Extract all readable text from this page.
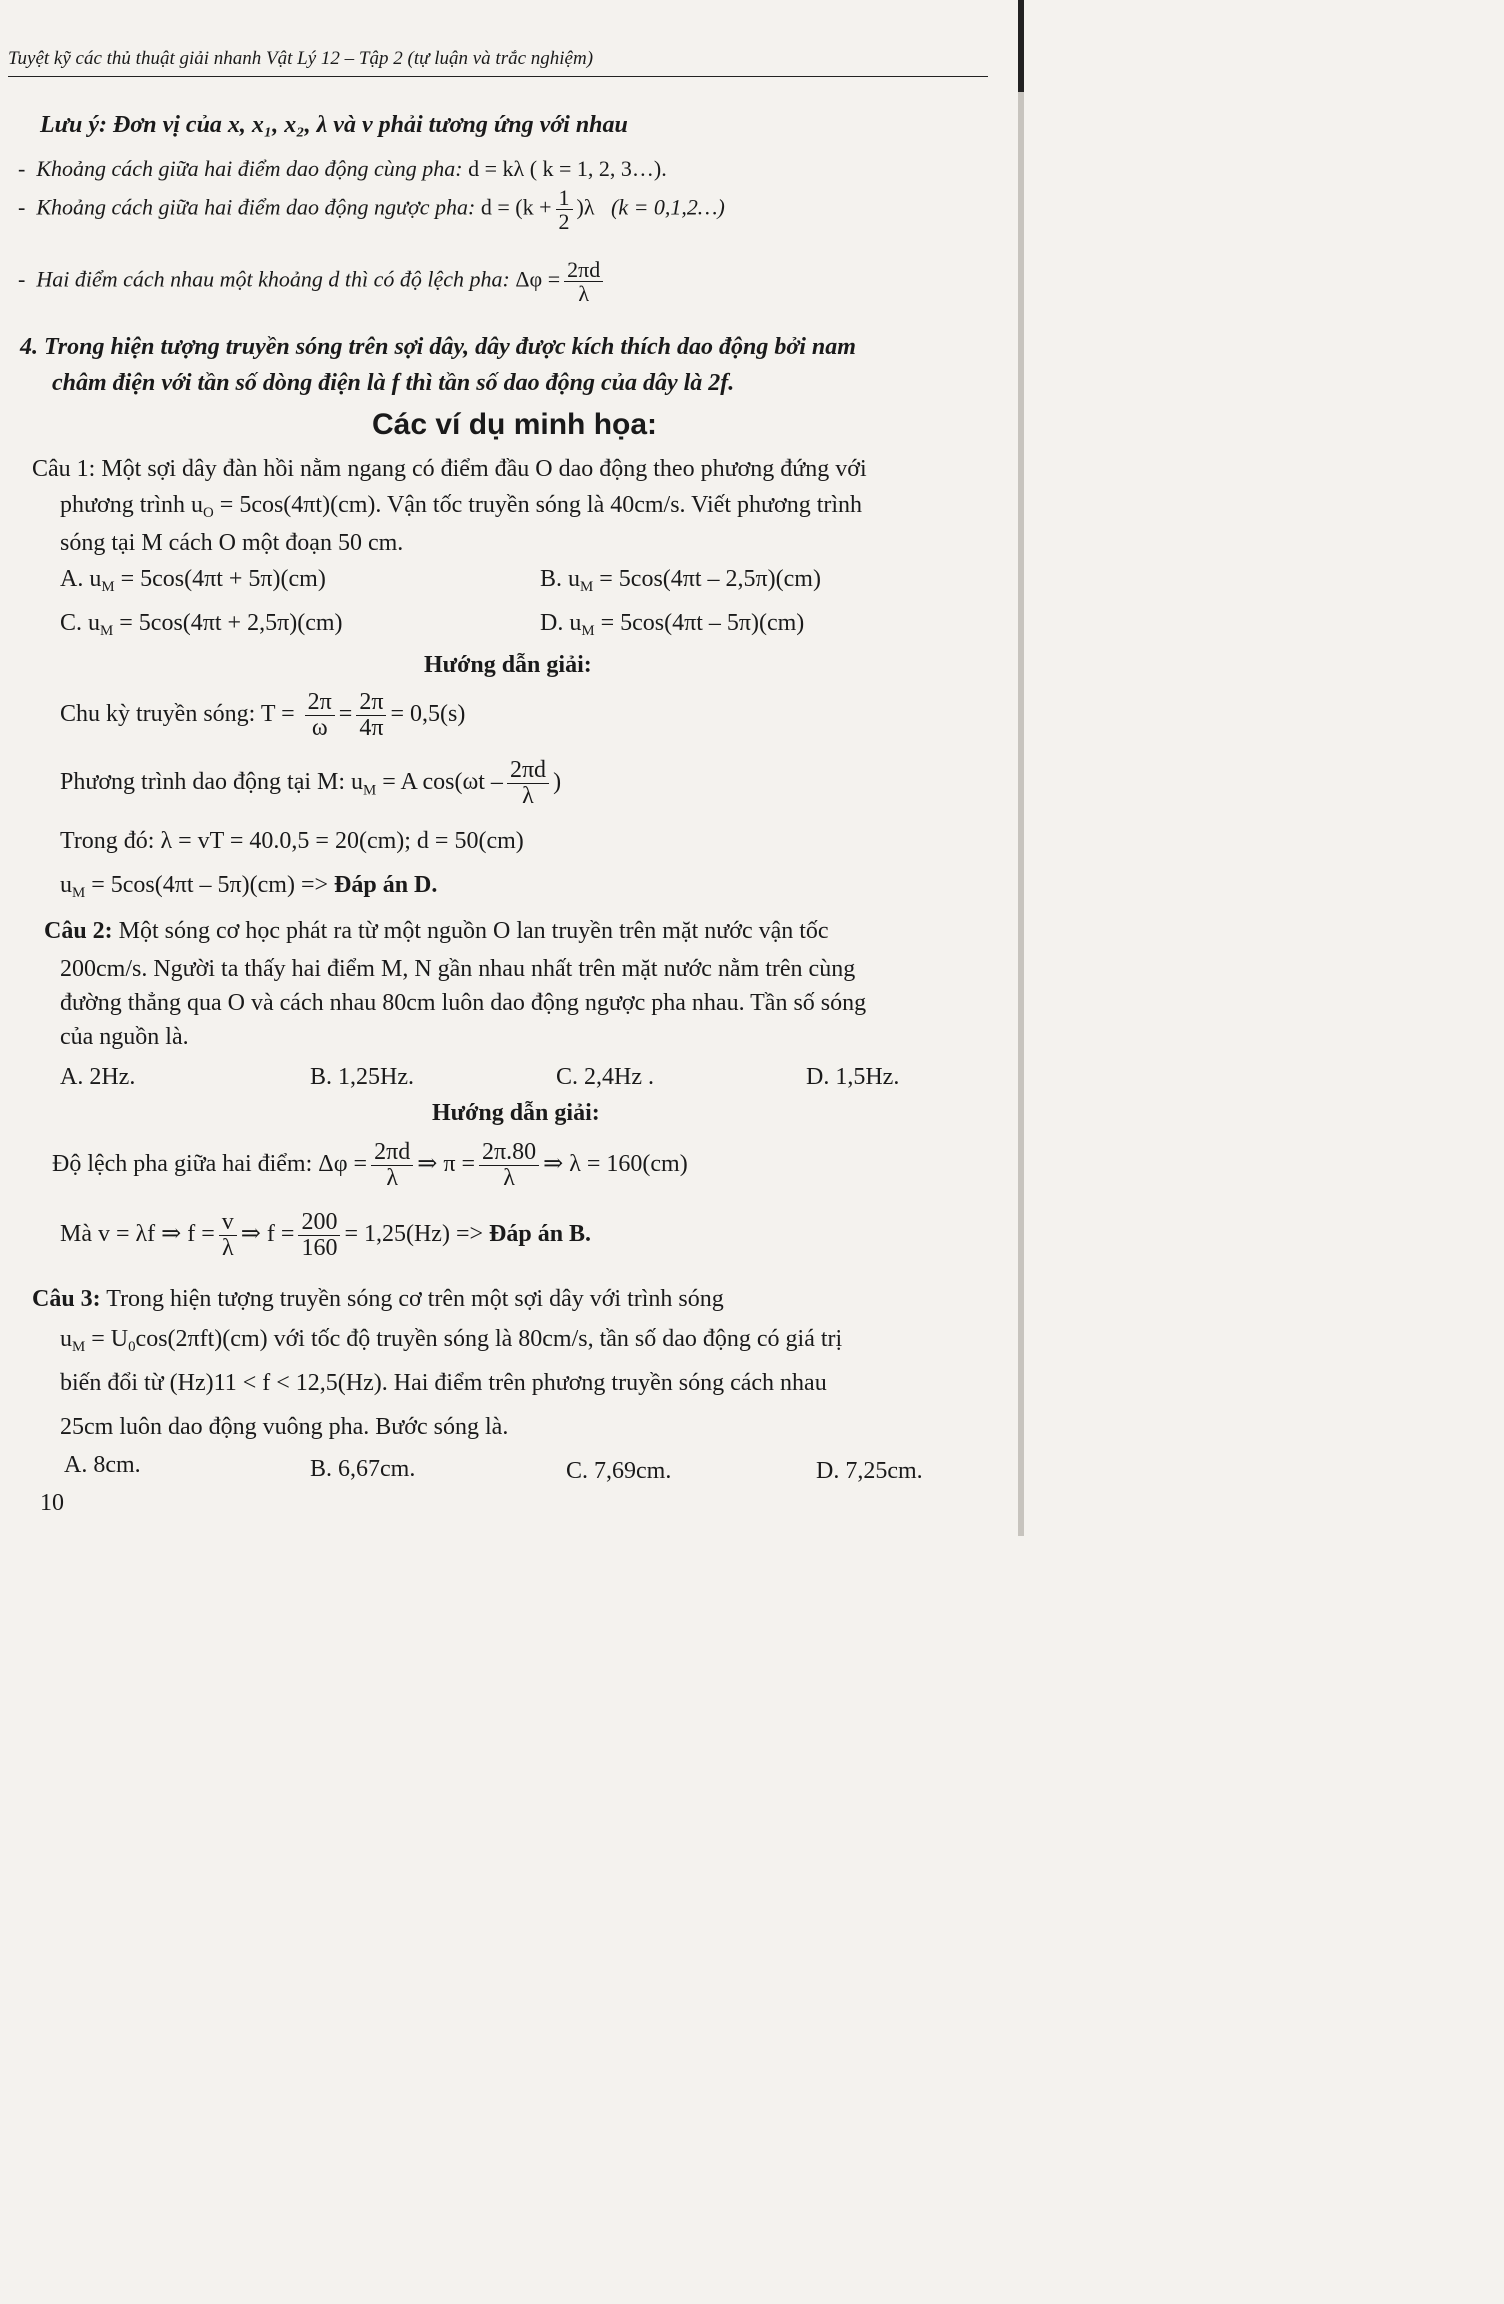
Tuyệt kỹ các thủ thuật giải nhanh Vật Lý 12 – Tập 2 (tự luận và trắc nghiệm)
Lưu ý: Đơn vị của x, x₁, x₂, λ và v phải tương ứng với nhau
-  Khoảng cách giữa hai điểm dao động cùng pha: d = kλ ( k = 1, 2, 3…).
-  Khoảng cách giữa hai điểm dao động ngược pha: $d = (k + \frac{1}{2} )\lambda$ (k = 0,1,2…)
-  Hai điểm cách nhau một khoảng d thì có độ lệch pha: $\Delta\varphi = \frac{2\pi d}{\lambda}$
4. Trong hiện tượng truyền sóng trên sợi dây, dây được kích thích dao động bởi nam
châm điện với tần số dòng điện là f thì tần số dao động của dây là 2f.
Các ví dụ minh họa:
Câu 1: Một sợi dây đàn hồi nằm ngang có điểm đầu O dao động theo phương đứng với
phương trình $u_O = 5\cos(4\pi t)(cm)$. Vận tốc truyền sóng là 40cm/s. Viết phương trình
sóng tại M cách O một đoạn 50 cm.
A. $u_M = 5\cos(4\pi t + 5\pi)(cm)$	B. $u_M = 5\cos(4\pi t - 2,5\pi)(cm)$
C. $u_M = 5\cos(4\pi t + 2,5\pi)(cm)$	D. $u_M = 5\cos(4\pi t - 5\pi)(cm)$
Hướng dẫn giải:
Chu kỳ truyền sóng: $T = \frac{2\pi}{\omega} = \frac{2\pi}{4\pi} = 0,5(s)$
Phương trình dao động tại M: $u_M = A$ $\cos(\omega t - \frac{2\pi d}{\lambda}$ )
Trong đó: λ = vT = 40.0,5 = 20(cm); d = 50(cm)
$u_M = 5\cos(4\pi t - 5\pi)(cm)$ => Đáp án D.
Câu 2: Một sóng cơ học phát ra từ một nguồn O lan truyền trên mặt nước vận tốc
200cm/s. Người ta thấy hai điểm M, N gần nhau nhất trên mặt nước nằm trên cùng
đường thẳng qua O và cách nhau 80cm luôn dao động ngược pha nhau. Tần số sóng
của nguồn là.
A. 2Hz.	B. 1,25Hz.	C. 2,4Hz .	D. 1,5Hz.
Hướng dẫn giải:
Độ lệch pha giữa hai điểm: $\Delta\varphi = \frac{2\pi d}{\lambda}$ ⇒ $\pi = \frac{2\pi.80}{\lambda}$ ⇒ λ = 160(cm)
Mà v = λf ⇒ $f = \frac{v}{\lambda}$ ⇒ $f = \frac{200}{160} = 1,25(Hz)$ => Đáp án B.
Câu 3: Trong hiện tượng truyền sóng cơ trên một sợi dây với trình sóng
$u_M = U_0\cos(2\pi ft)(cm)$ với tốc độ truyền sóng là 80cm/s, tần số dao động có giá trị
biến đổi từ (Hz)11 < f < 12,5(Hz). Hai điểm trên phương truyền sóng cách nhau
25cm luôn dao động vuông pha. Bước sóng là.
A. 8cm.	B. 6,67cm.	C. 7,69cm.	D. 7,25cm.
10
